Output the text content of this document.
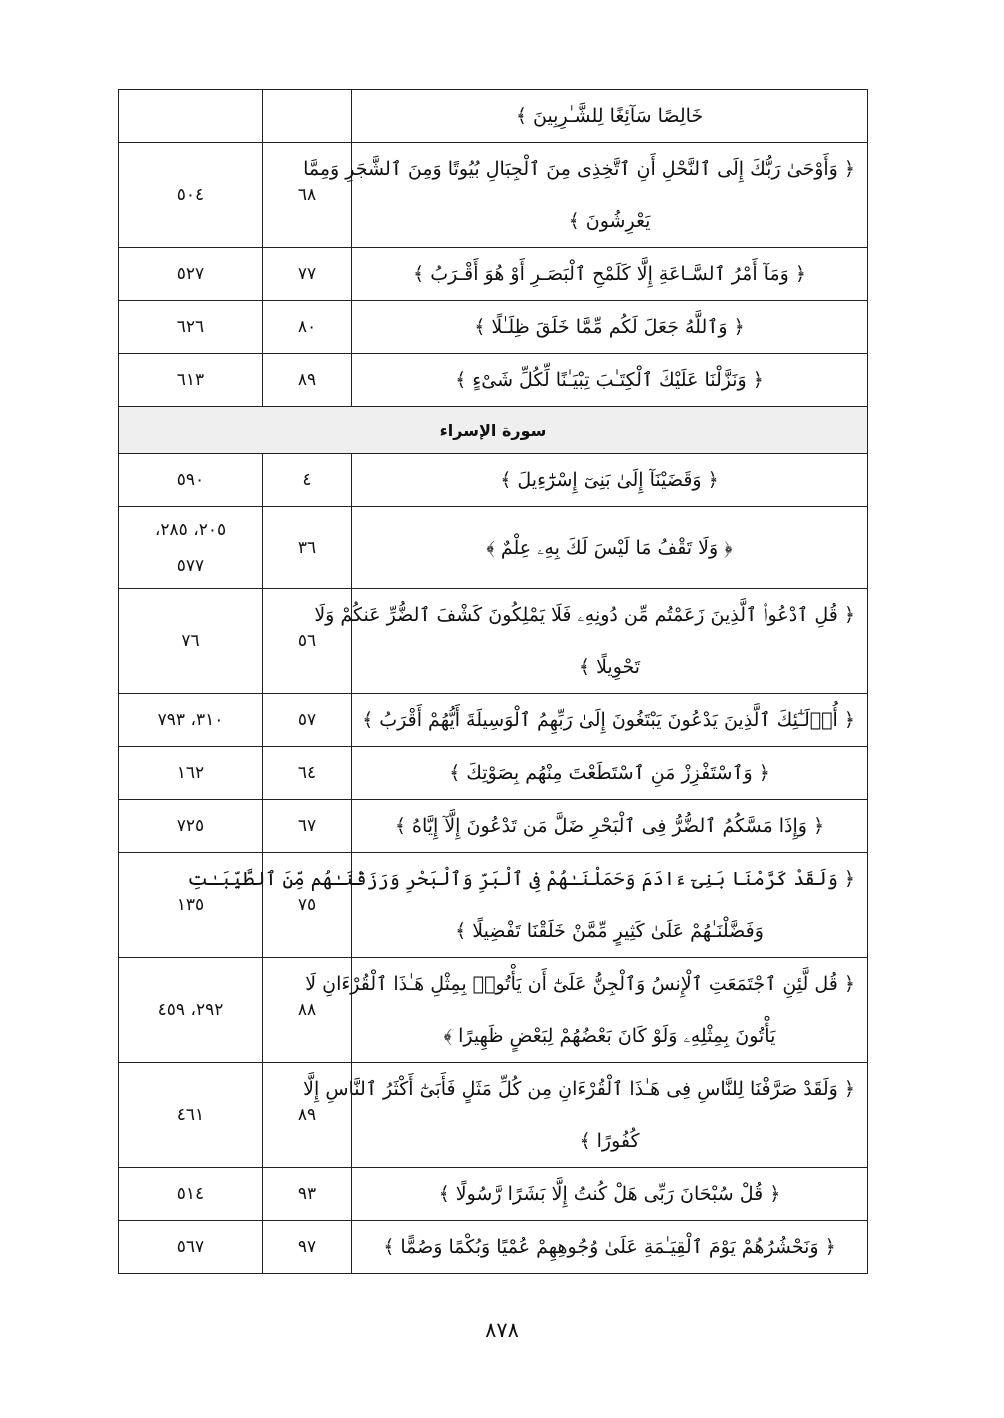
		خَالِصًا سَآئِغًا لِلشَّـٰرِبِينَ ﴾

٥٠٤	٦٨	﴿ وَأَوْحَىٰ رَبُّكَ إِلَى ٱلنَّحْلِ أَنِ ٱتَّخِذِى مِنَ ٱلْجِبَالِ بُيُوتًا وَمِنَ ٱلشَّجَرِ وَمِمَّا
يَعْرِشُونَ ﴾

٥٢٧	٧٧	﴿ وَمَآ أَمْرُ ٱلسَّـاعَةِ إِلَّا كَلَمْحِ ٱلْبَصَـرِ أَوْ هُوَ أَقْـرَبُ ﴾

٦٢٦	٨٠	﴿ وَٱللَّهُ جَعَلَ لَكُم مِّمَّا خَلَقَ ظِلَـٰلًا ﴾

٦١٣	٨٩	﴿ وَنَزَّلْنَا عَلَيْكَ ٱلْكِتَـٰبَ تِبْيَـٰنًا لِّكُلِّ شَىْءٍ ﴾

سورة الإسراء		
٥٩٠	٤	﴿ وَقَضَيْنَآ إِلَىٰ بَنِىٓ إِسْرَٰٓءِيلَ ﴾

٢٠٥، ٢٨٥،
٥٧٧	٣٦	﴿ وَلَا تَقْفُ مَا لَيْسَ لَكَ بِهِۦ عِلْمٌ ﴾

٧٦	٥٦	﴿ قُلِ ٱدْعُوا۟ ٱلَّذِينَ زَعَمْتُم مِّن دُونِهِۦ فَلَا يَمْلِكُونَ كَشْفَ ٱلضُّرِّ عَنكُمْ وَلَا
تَحْوِيلًا ﴾

٣١٠، ٧٩٣	٥٧	﴿ أُو۟لَـٰٓئِكَ ٱلَّذِينَ يَدْعُونَ يَبْتَغُونَ إِلَىٰ رَبِّهِمُ ٱلْوَسِيلَةَ أَيُّهُمْ أَقْرَبُ ﴾

١٦٢	٦٤	﴿ وَٱسْتَفْزِزْ مَنِ ٱسْتَطَعْتَ مِنْهُم بِصَوْتِكَ ﴾

٧٢٥	٦٧	﴿ وَإِذَا مَسَّكُمُ ٱلضُّرُّ فِى ٱلْبَحْرِ ضَلَّ مَن تَدْعُونَ إِلَّآ إِيَّاهُ ﴾

١٣٥	٧٥	﴿ وَلَقَدْ كَرَّمْنَا بَنِىٓ ءَادَمَ وَحَمَلْنَـٰهُمْ فِى ٱلْبَرِّ وَٱلْبَحْرِ وَرَزَقْنَـٰهُم مِّنَ ٱلطَّيِّبَـٰتِ
وَفَضَّلْنَـٰهُمْ عَلَىٰ كَثِيرٍ مِّمَّنْ خَلَقْنَا تَفْضِيلًا ﴾

٢٩٢، ٤٥٩	٨٨	﴿ قُل لَّئِنِ ٱجْتَمَعَتِ ٱلْإِنسُ وَٱلْجِنُّ عَلَىٰٓ أَن يَأْتُوا۟ بِمِثْلِ هَـٰذَا ٱلْقُرْءَانِ لَا
يَأْتُونَ بِمِثْلِهِۦ وَلَوْ كَانَ بَعْضُهُمْ لِبَعْضٍ ظَهِيرًا ﴾

٤٦١	٨٩	﴿ وَلَقَدْ صَرَّفْنَا لِلنَّاسِ فِى هَـٰذَا ٱلْقُرْءَانِ مِن كُلِّ مَثَلٍ فَأَبَىٰٓ أَكْثَرُ ٱلنَّاسِ إِلَّا
كُفُورًا ﴾

٥١٤	٩٣	﴿ قُلْ سُبْحَانَ رَبِّى هَلْ كُنتُ إِلَّا بَشَرًا رَّسُولًا ﴾

٥٦٧	٩٧	﴿ وَنَحْشُرُهُمْ يَوْمَ ٱلْقِيَـٰمَةِ عَلَىٰ وُجُوهِهِمْ عُمْيًا وَبُكْمًا وَصُمًّا ﴾
٨٧٨
